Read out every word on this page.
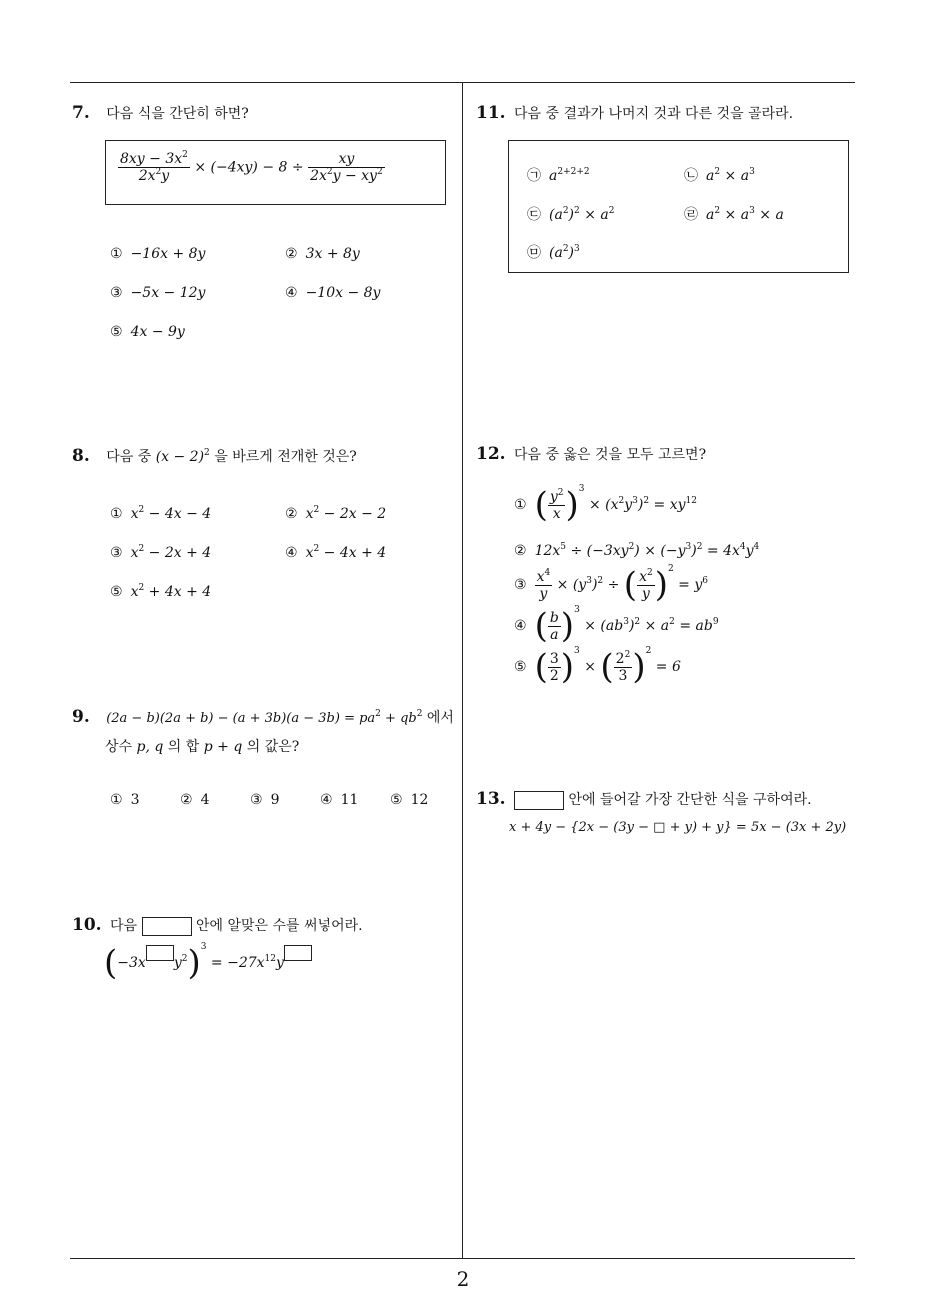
2
7. 다음 식을 간단히 하면?
$\frac{8xy - 3x^2}{2x^2y} \times (-4xy) - 8 \div \frac{xy}{2x^2y - xy^2}$
① −16x + 8y	② 3x + 8y
③ −5x − 12y	④ −10x − 8y
⑤ 4x − 9y
8. 다음 중 $(x - 2)^2$ 을 바르게 전개한 것은?
① $x^2 - 4x - 4$	② $x^2 - 2x - 2$
③ $x^2 - 2x + 4$	④ $x^2 - 4x + 4$
⑤ $x^2 + 4x + 4$
9. $(2a - b)(2a + b) - (a + 3b)(a - 3b) = pa^2 + qb^2$ 에서
상수 p, q 의 합 p + q 의 값은?
① 3	② 4	③ 9	④ 11 ⑤ 12
10. 다음	안에 알맞은 수를 써넣어라.
(−3x $y^2)^3 = -27x^{12}y$
11. 다음 중 결과가 나머지 것과 다른 것을 골라라.
㉠ $a^{2+2+2}$	㉡ $a^2 \times a^3$
㉢ $(a^2)^2 \times a^2$	㉣ $a^2 \times a^3 \times a$
㉤ $(a^2)^3$
12. 다음 중 옳은 것을 모두 고르면?
① ( $\frac{y^2}{x} )^3 \times (x^2y^3)^2 = xy^{12}$
② $12x^5 \div (-3xy^2) \times (-y^3)^2 = 4x^4y^4$
③ $\frac{x^4}{y} \times (y^3)^2$ ÷ ( $\frac{x^2}{y} )^2 = y^6$
④ ( $\frac{b}{a} )^3 \times (ab^3)^2 \times a^2 = ab^9$
⑤ ( $\frac{3}{2} )^3$ × ( $\frac{2^2}{3} )^2 = 6$
13.	안에 들어갈 가장 간단한 식을 구하여라.
x + 4y − {2x − (3y − □ + y) + y} = 5x − (3x + 2y)
